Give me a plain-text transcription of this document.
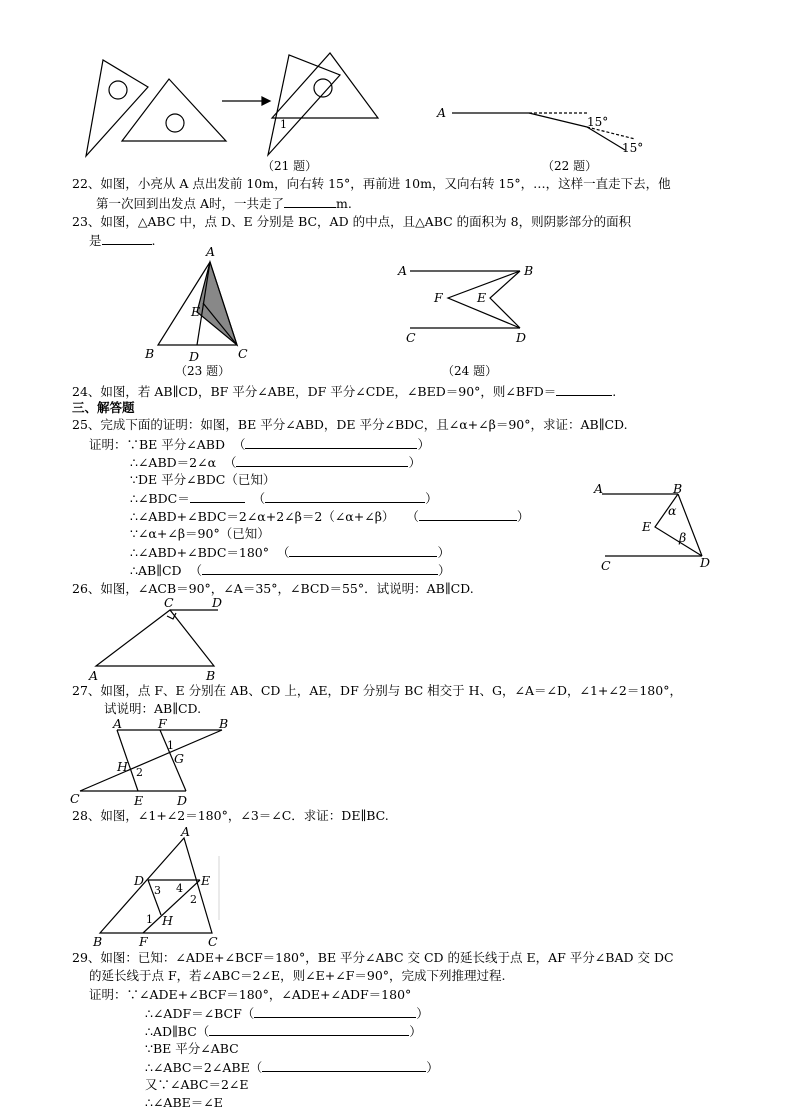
1
（21 题）
A
15°
15°
（22 题）
A
B	D	C
E
（23 题）
A	B
F	E
C	D
（24 题）
A	B
E
α
β
C	D
C	D
A	B
A	F	B
1
G
H 2
C	E	D
A
D	E
3 4
2
1 H
B	F	C
22、如图，小亮从 A 点出发前 10m，向右转 15°，再前进 10m，又向右转 15°，…，这样一直走下去，他
第一次回到出发点 A时，一共走了	m.
23、如图，△ABC 中，点 D、E 分别是 BC，AD 的中点，且△ABC 的面积为 8，则阴影部分的面积
是	.
24、如图，若 AB∥CD，BF 平分∠ABE，DF 平分∠CDE，∠BED＝90°，则∠BFD＝	.
三、解答题
25、完成下面的证明：如图，BE 平分∠ABD，DE 平分∠BDC，且∠α+∠β＝90°，求证：AB∥CD.
证明：∵BE 平分∠ABD  （	）
∴∠ABD＝2∠α  （	）
∵DE 平分∠BDC（已知）
∴∠BDC＝	（	）
∴∠ABD+∠BDC＝2∠α+2∠β＝2（∠α+∠β）   （	）
∵∠α+∠β＝90°（已知）
∴∠ABD+∠BDC＝180°  （	）
∴AB∥CD  （	）
26、如图，∠ACB＝90°，∠A＝35°，∠BCD＝55°．试说明：AB∥CD.
27、如图，点 F、E 分别在 AB、CD 上，AE，DF 分别与 BC 相交于 H、G，∠A＝∠D，∠1+∠2＝180°，
试说明：AB∥CD.
28、如图，∠1+∠2＝180°，∠3＝∠C．求证：DE∥BC.
29、如图：已知：∠ADE+∠BCF＝180°，BE 平分∠ABC 交 CD 的延长线于点 E，AF 平分∠BAD 交 DC
的延长线于点 F，若∠ABC＝2∠E，则∠E+∠F＝90°，完成下列推理过程.
证明：∵∠ADE+∠BCF＝180°，∠ADE+∠ADF＝180°
∴∠ADF＝∠BCF（	）
∴AD∥BC（	）
∵BE 平分∠ABC
∴∠ABC＝2∠ABE（	）
又∵∠ABC＝2∠E
∴∠ABE＝∠E
